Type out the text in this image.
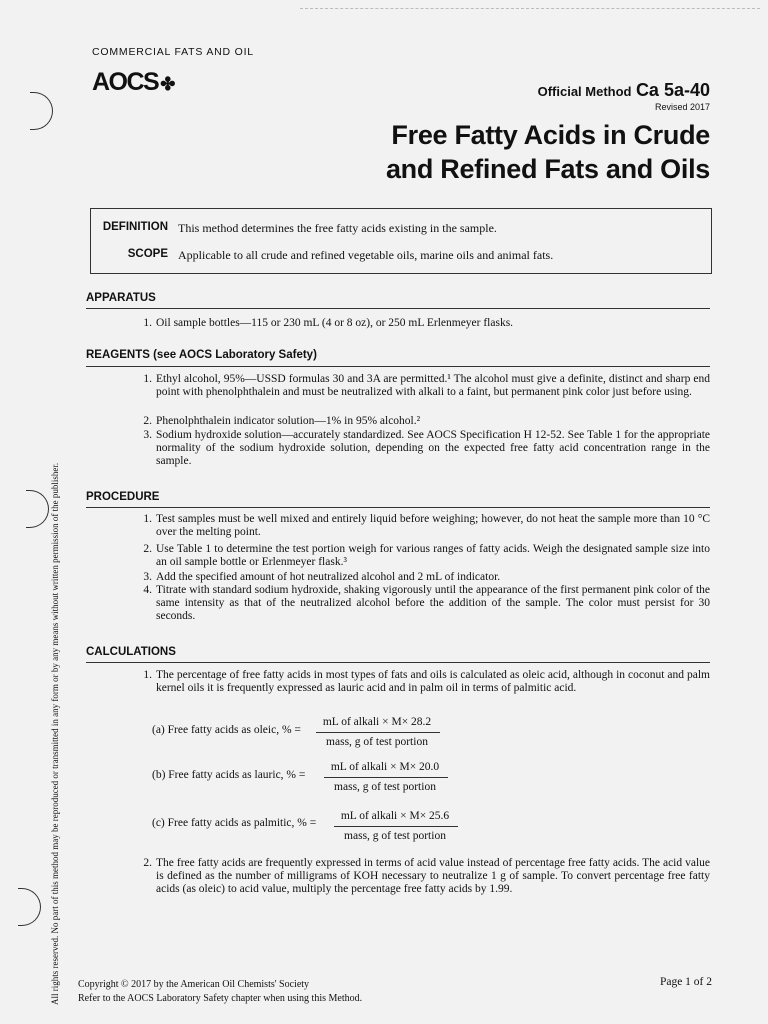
COMMERCIAL FATS AND OIL
AOCS ✤	Official Method Ca 5a-40
Revised 2017
Free Fatty Acids in Crude
and Refined Fats and Oils
DEFINITION This method determines the free fatty acids existing in the sample.
SCOPE Applicable to all crude and refined vegetable oils, marine oils and animal fats.
APPARATUS
1. Oil sample bottles—115 or 230 mL (4 or 8 oz), or 250 mL Erlenmeyer flasks.
REAGENTS (see AOCS Laboratory Safety)
1. Ethyl alcohol, 95%—USSD formulas 30 and 3A are permitted.¹ The alcohol must give a definite, distinct and sharp end point with phenolphthalein and must be neutralized with alkali to a faint, but permanent pink color just before using.
2. Phenolphthalein indicator solution—1% in 95% alcohol.²
3. Sodium hydroxide solution—accurately standardized. See AOCS Specification H 12-52. See Table 1 for the appropriate normality of the sodium hydroxide solution, depending on the expected free fatty acid concentration range in the sample.
PROCEDURE
1. Test samples must be well mixed and entirely liquid before weighing; however, do not heat the sample more than 10 °C over the melting point.
2. Use Table 1 to determine the test portion weigh for various ranges of fatty acids. Weigh the designated sample size into an oil sample bottle or Erlenmeyer flask.³
3. Add the specified amount of hot neutralized alcohol and 2 mL of indicator.
4. Titrate with standard sodium hydroxide, shaking vigorously until the appearance of the first permanent pink color of the same intensity as that of the neutralized alcohol before the addition of the sample. The color must persist for 30 seconds.
CALCULATIONS
1. The percentage of free fatty acids in most types of fats and oils is calculated as oleic acid, although in coconut and palm kernel oils it is frequently expressed as lauric acid and in palm oil in terms of palmitic acid.
(a) Free fatty acids as oleic, % =
mL of alkali × M× 28.2
mass, g of test portion
(b) Free fatty acids as lauric, % =
mL of alkali × M× 20.0
mass, g of test portion
(c) Free fatty acids as palmitic, % =
mL of alkali × M× 25.6
mass, g of test portion
2. The free fatty acids are frequently expressed in terms of acid value instead of percentage free fatty acids. The acid value is defined as the number of milligrams of KOH necessary to neutralize 1 g of sample. To convert percentage free fatty acids (as oleic) to acid value, multiply the percentage free fatty acids by 1.99.
All rights reserved. No part of this method may be reproduced or transmitted in any form or by any means without written permission of the publisher. Copyright © 2017 by the American Oil Chemists' Society
Refer to the AOCS Laboratory Safety chapter when using this Method.
Page 1 of 2
